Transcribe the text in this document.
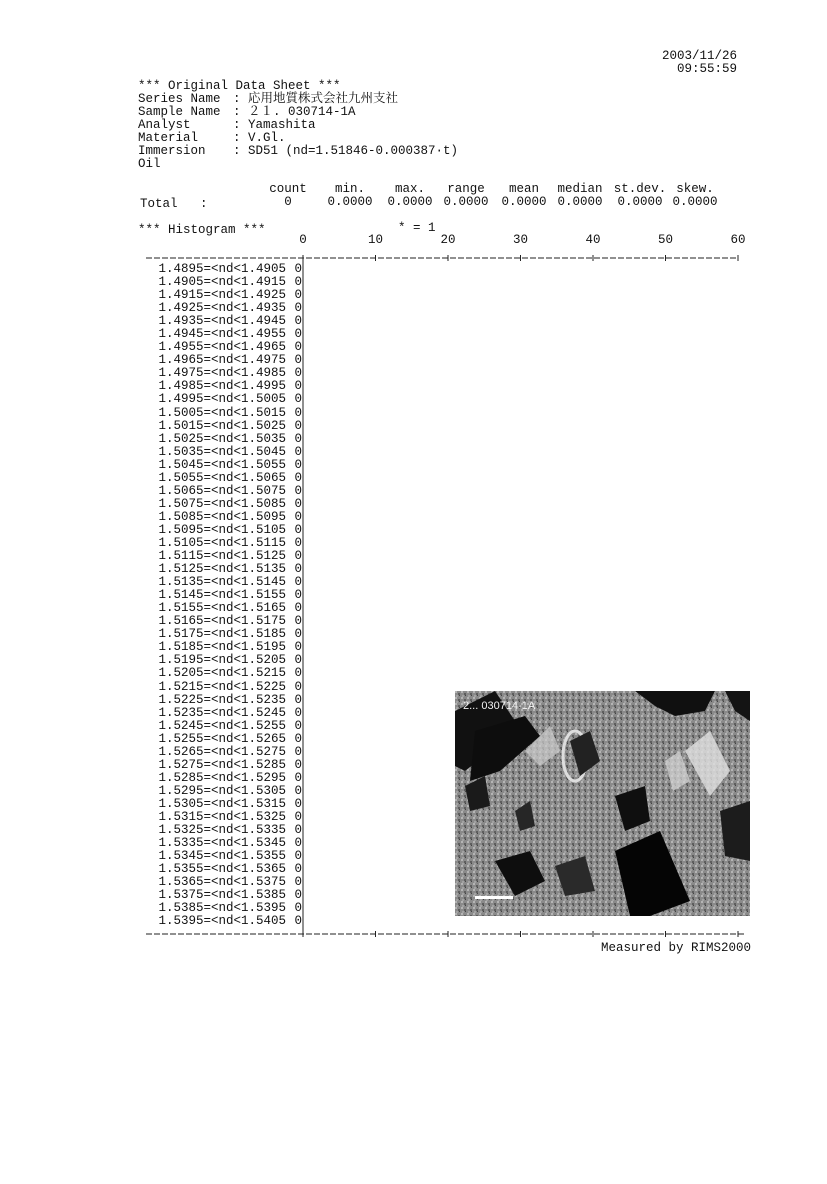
2003/11/26
09:55:59
*** Original Data Sheet ***
Series Name : 応用地質株式会社九州支社
Sample Name : ２１. 030714-1A
Analyst	: Yamashita
Material	: V.Gl.
Immersion Oil
: SD51 (nd=1.51846-0.000387·t)
Total :
count	min.	max.	range	mean	median st.dev. skew.
0	0.0000	0.0000 0.0000	0.0000 0.0000	0.0000 0.0000
*** Histogram ***	* = 1
0	10	20	30	40	50	60
1.4895=<nd<1.4905 0
1.4905=<nd<1.4915 0
1.4915=<nd<1.4925 0
1.4925=<nd<1.4935 0
1.4935=<nd<1.4945 0
1.4945=<nd<1.4955 0
1.4955=<nd<1.4965 0
1.4965=<nd<1.4975 0
1.4975=<nd<1.4985 0
1.4985=<nd<1.4995 0
1.4995=<nd<1.5005 0
1.5005=<nd<1.5015 0
1.5015=<nd<1.5025 0
1.5025=<nd<1.5035 0
1.5035=<nd<1.5045 0
1.5045=<nd<1.5055 0
1.5055=<nd<1.5065 0
1.5065=<nd<1.5075 0
1.5075=<nd<1.5085 0
1.5085=<nd<1.5095 0
1.5095=<nd<1.5105 0
1.5105=<nd<1.5115 0
1.5115=<nd<1.5125 0
1.5125=<nd<1.5135 0
1.5135=<nd<1.5145 0
1.5145=<nd<1.5155 0
1.5155=<nd<1.5165 0
1.5165=<nd<1.5175 0
1.5175=<nd<1.5185 0
1.5185=<nd<1.5195 0
1.5195=<nd<1.5205 0
1.5205=<nd<1.5215 0
1.5215=<nd<1.5225 0
1.5225=<nd<1.5235 0
1.5235=<nd<1.5245 0
1.5245=<nd<1.5255 0
1.5255=<nd<1.5265 0
1.5265=<nd<1.5275 0
1.5275=<nd<1.5285 0
1.5285=<nd<1.5295 0
1.5295=<nd<1.5305 0
1.5305=<nd<1.5315 0
1.5315=<nd<1.5325 0
1.5325=<nd<1.5335 0
1.5335=<nd<1.5345 0
1.5345=<nd<1.5355 0
1.5355=<nd<1.5365 0
1.5365=<nd<1.5375 0
1.5375=<nd<1.5385 0
1.5385=<nd<1.5395 0
1.5395=<nd<1.5405 0
2... 030714-1A
Measured by RIMS2000
